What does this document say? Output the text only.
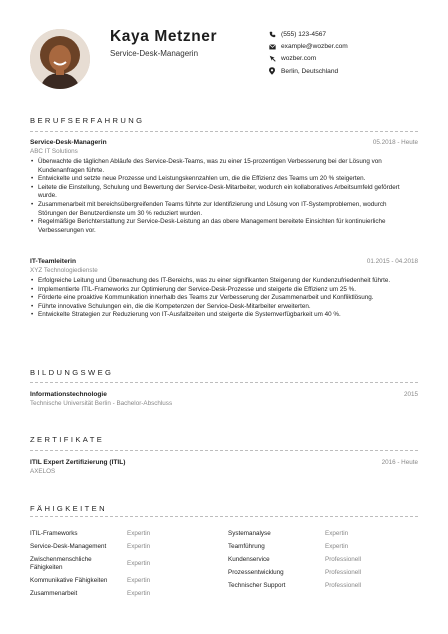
Kaya Metzner
Service-Desk-Managerin
(555) 123-4567
example@wozber.com
wozber.com
Berlin, Deutschland
BERUFSERFAHRUNG
Service-Desk-Managerin	05.2018 - Heute
ABC IT Solutions
• Überwachte die täglichen Abläufe des Service-Desk-Teams, was zu einer 15-prozentigen Verbesserung bei der Lösung von Kundenanfragen führte.
• Entwickelte und setzte neue Prozesse und Leistungskennzahlen um, die die Effizienz des Teams um 20 % steigerten.
• Leitete die Einstellung, Schulung und Bewertung der Service-Desk-Mitarbeiter, wodurch ein kollaboratives Arbeitsumfeld gefördert wurde.
• Zusammenarbeit mit bereichsübergreifenden Teams führte zur Identifizierung und Lösung von IT-Systemproblemen, wodurch Störungen der Benutzerdienste um 30 % reduziert wurden.
• Regelmäßige Berichterstattung zur Service-Desk-Leistung an das obere Management bereitete Einsichten für kontinuierliche Verbesserungen vor.
IT-Teamleiterin	01.2015 - 04.2018
XYZ Technologiedienste
• Erfolgreiche Leitung und Überwachung des IT-Bereichs, was zu einer signifikanten Steigerung der Kundenzufriedenheit führte.
• Implementierte ITIL-Frameworks zur Optimierung der Service-Desk-Prozesse und steigerte die Effizienz um 25 %.
• Förderte eine proaktive Kommunikation innerhalb des Teams zur Verbesserung der Zusammenarbeit und Konfliktlösung.
• Führte innovative Schulungen ein, die die Kompetenzen der Service-Desk-Mitarbeiter erweiterten.
• Entwickelte Strategien zur Reduzierung von IT-Ausfallzeiten und steigerte die Systemverfügbarkeit um 40 %.
BILDUNGSWEG
Informationstechnologie	2015
Technische Universität Berlin - Bachelor-Abschluss
ZERTIFIKATE
ITIL Expert Zertifizierung (ITIL)	2016 - Heute
AXELOS
FÄHIGKEITEN
ITIL-Frameworks	Expertin
Service-Desk-Management	Expertin
Zwischenmenschliche Fähigkeiten	Expertin
Kommunikative Fähigkeiten	Expertin
Zusammenarbeit	Expertin
Systemanalyse	Expertin
Teamführung	Expertin
Kundenservice	Professionell
Prozessentwicklung	Professionell
Technischer Support	Professionell
